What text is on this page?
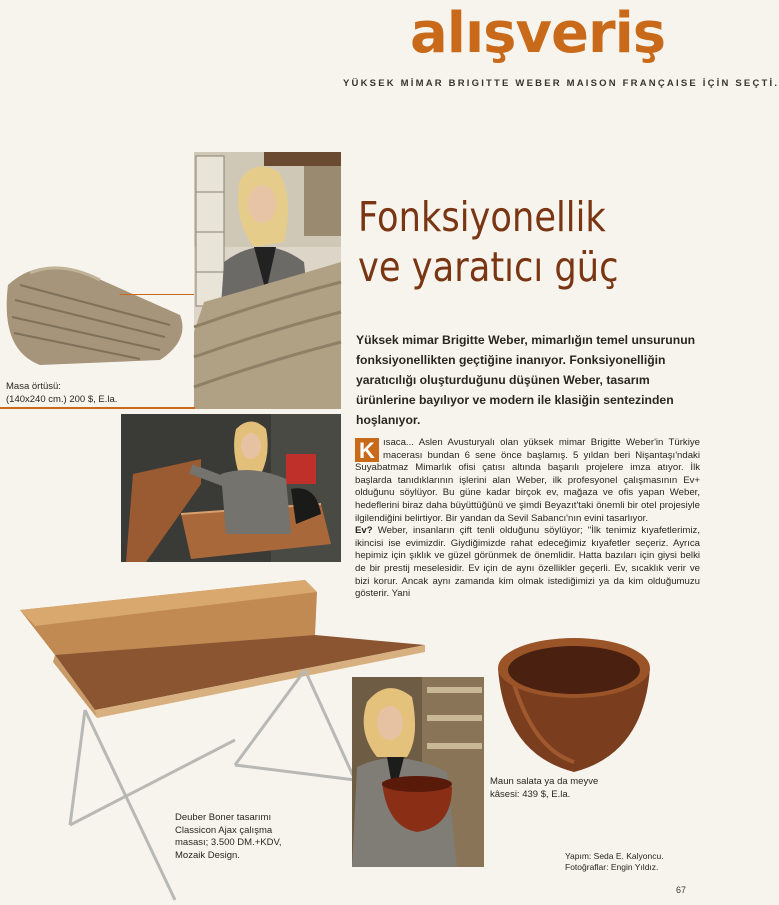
alışveriş
YÜKSEK MİMAR BRIGITTE WEBER MAISON FRANÇAISE İÇİN SEÇTİ.
Masa örtüsü:
(140x240 cm.) 200 $, E.la.
Fonksiyonellik
ve yaratıcı güç
Yüksek mimar Brigitte Weber, mimarlığın temel unsurunun fonksiyonellikten geçtiğine inanıyor. Fonksiyonelliğin yaratıcılığı oluşturduğunu düşünen Weber, tasarım ürünlerine bayılıyor ve modern ile klasiğin sentezinden hoşlanıyor.
K ısaca... Aslen Avusturyalı olan yüksek mimar Brigitte Weber'in Türkiye macerası bundan 6 sene önce başlamış. 5 yıldan beri Nişantaşı'ndaki Suyabatmaz Mimarlık ofisi çatısı altında başarılı projelere imza atıyor. İlk başlarda tanıdıklarının işlerini alan Weber, ilk profesyonel çalışmasının Ev+ olduğunu söylüyor. Bu güne kadar birçok ev, mağaza ve ofis yapan Weber, hedeflerini biraz daha büyüttüğünü ve şimdi Beyazıt'taki önemli bir otel projesiyle ilgilendiğini belirtiyor. Bir yandan da Sevil Sabancı'nın evini tasarlıyor.
Ev? Weber, insanların çift tenli olduğunu söylüyor; "İlk tenimiz kıyafetlerimiz, ikincisi ise evimizdir. Giydiğimizde rahat edeceğimiz kıyafetler seçeriz. Ayrıca hepimiz için şıklık ve güzel görünmek de önemlidir. Hatta bazıları için giysi belki de bir prestij meselesidir. Ev için de aynı özellikler geçerli. Ev, sıcaklık verir ve bizi korur. Ancak aynı zamanda kim olmak istediğimizi ya da kim olduğumuzu gösterir. Yani
Deuber Boner tasarımı
Classicon Ajax çalışma
masası; 3.500 DM.+KDV,
Mozaik Design.
Maun salata ya da meyve
kâsesi: 439 $, E.la.
Yapım: Seda E. Kalyoncu.
Fotoğraflar: Engin Yıldız.
67
